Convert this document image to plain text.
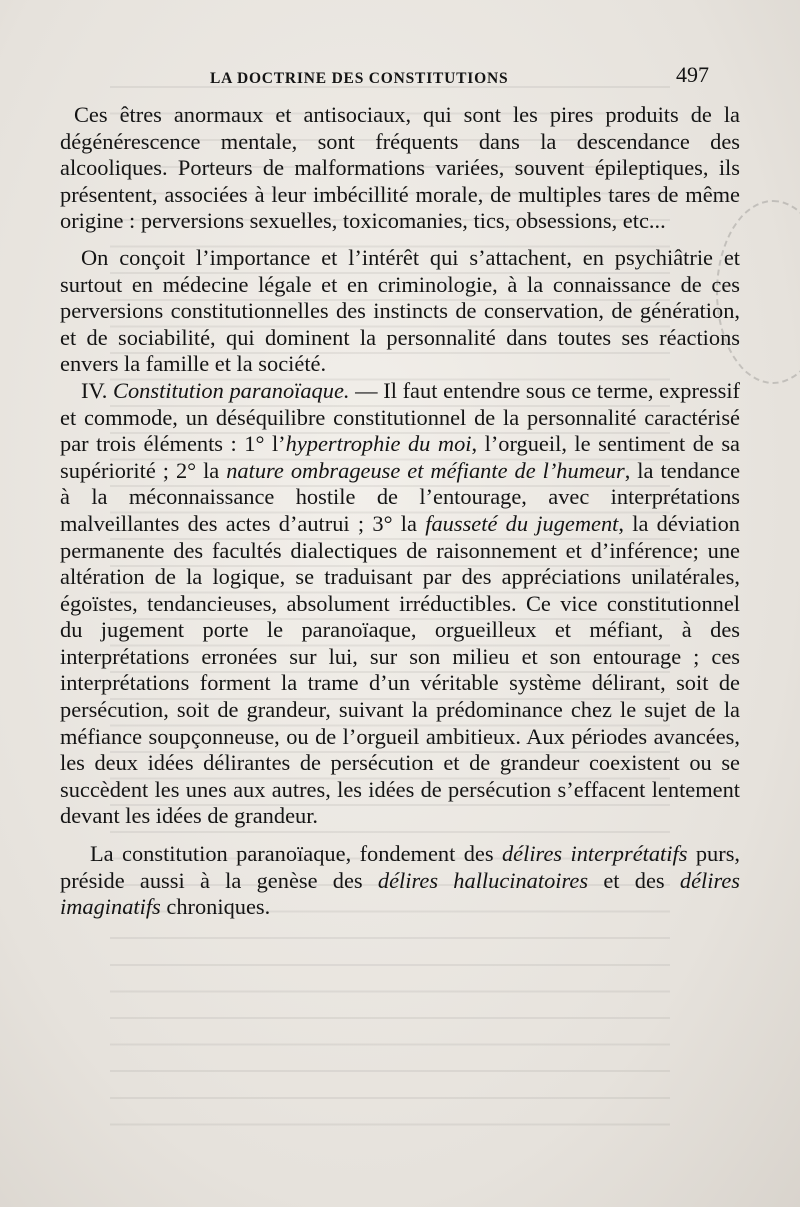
LA DOCTRINE DES CONSTITUTIONS	497

Ces êtres anormaux et antisociaux, qui sont les pires produits de la dégénérescence mentale, sont fréquents dans la descendance des alcooliques. Porteurs de malformations variées, souvent épileptiques, ils présentent, associées à leur imbécillité morale, de multiples tares de même origine : perversions sexuelles, toxicomanies, tics, obsessions, etc...

On conçoit l’importance et l’intérêt qui s’attachent, en psychiâtrie et surtout en médecine légale et en criminologie, à la connaissance de ces perversions constitutionnelles des instincts de conservation, de génération, et de sociabilité, qui dominent la personnalité dans toutes ses réactions envers la famille et la société.

IV. Constitution paranoïaque. — Il faut entendre sous ce terme, expressif et commode, un déséquilibre constitutionnel de la personnalité caractérisé par trois éléments : 1° l’hypertrophie du moi, l’orgueil, le sentiment de sa supériorité ; 2° la nature ombrageuse et méfiante de l’humeur, la tendance à la méconnaissance hostile de l’entourage, avec interprétations malveillantes des actes d’autrui ; 3° la fausseté du jugement, la déviation permanente des facultés dialectiques de raisonnement et d’inférence; une altération de la logique, se traduisant par des appréciations unilatérales, égoïstes, tendancieuses, absolument irréductibles. Ce vice constitutionnel du jugement porte le paranoïaque, orgueilleux et méfiant, à des interprétations erronées sur lui, sur son milieu et son entourage ; ces interprétations forment la trame d’un véritable système délirant, soit de persécution, soit de grandeur, suivant la prédominance chez le sujet de la méfiance soupçonneuse, ou de l’orgueil ambitieux. Aux périodes avancées, les deux idées délirantes de persécution et de grandeur coexistent ou se succèdent les unes aux autres, les idées de persécution s’effacent lentement devant les idées de grandeur.

La constitution paranoïaque, fondement des délires interprétatifs purs, préside aussi à la genèse des délires hallucinatoires et des délires imaginatifs chroniques.
